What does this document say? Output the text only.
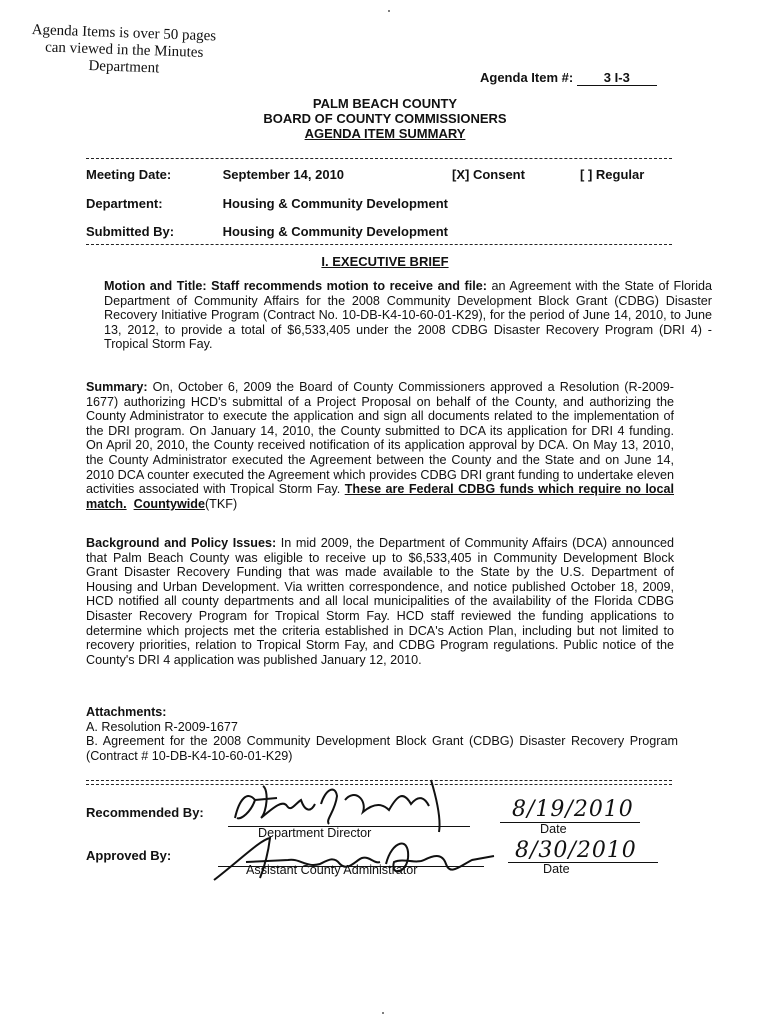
Agenda Items is over 50 pages
can viewed in the Minutes
Department
Agenda Item #: 3 I-3
PALM BEACH COUNTY
BOARD OF COUNTY COMMISSIONERS
AGENDA ITEM SUMMARY
Meeting Date:	September 14, 2010	[X] Consent	[ ] Regular
Department:	Housing & Community Development
Submitted By:	Housing & Community Development
I. EXECUTIVE BRIEF
Motion and Title: Staff recommends motion to receive and file: an Agreement with the State of Florida Department of Community Affairs for the 2008 Community Development Block Grant (CDBG) Disaster Recovery Initiative Program (Contract No. 10-DB-K4-10-60-01-K29), for the period of June 14, 2010, to June 13, 2012, to provide a total of $6,533,405 under the 2008 CDBG Disaster Recovery Program (DRI 4) - Tropical Storm Fay.
Summary: On, October 6, 2009 the Board of County Commissioners approved a Resolution (R-2009-1677) authorizing HCD's submittal of a Project Proposal on behalf of the County, and authorizing the County Administrator to execute the application and sign all documents related to the implementation of the DRI program. On January 14, 2010, the County submitted to DCA its application for DRI 4 funding. On April 20, 2010, the County received notification of its application approval by DCA. On May 13, 2010, the County Administrator executed the Agreement between the County and the State and on June 14, 2010 DCA counter executed the Agreement which provides CDBG DRI grant funding to undertake eleven activities associated with Tropical Storm Fay. These are Federal CDBG funds which require no local match. Countywide(TKF)
Background and Policy Issues: In mid 2009, the Department of Community Affairs (DCA) announced that Palm Beach County was eligible to receive up to $6,533,405 in Community Development Block Grant Disaster Recovery Funding that was made available to the State by the U.S. Department of Housing and Urban Development. Via written correspondence, and notice published October 18, 2009, HCD notified all county departments and all local municipalities of the availability of the Florida CDBG Disaster Recovery Program for Tropical Storm Fay. HCD staff reviewed the funding applications to determine which projects met the criteria established in DCA's Action Plan, including but not limited to recovery priorities, relation to Tropical Storm Fay, and CDBG Program regulations. Public notice of the County's DRI 4 application was published January 12, 2010.
Attachments:
A. Resolution R-2009-1677
B. Agreement for the 2008 Community Development Block Grant (CDBG) Disaster Recovery Program (Contract # 10-DB-K4-10-60-01-K29)
Recommended By:
Department Director
8/19/2010
Date
Approved By:
Assistant County Administrator
8/30/2010
Date
